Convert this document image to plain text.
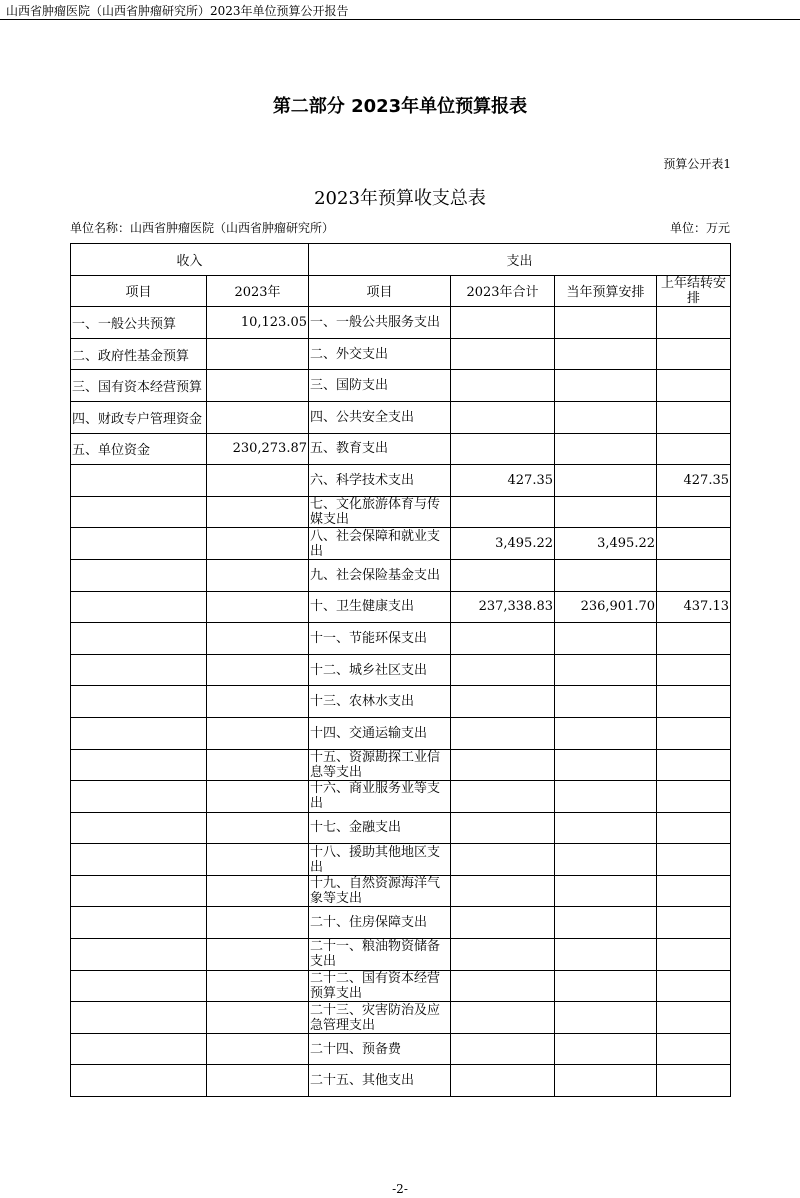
山西省肿瘤医院（山西省肿瘤研究所）2023年单位预算公开报告
第二部分 2023年单位预算报表
预算公开表1
2023年预算收支总表
单位名称：山西省肿瘤医院（山西省肿瘤研究所）	单位：万元
收入		支出			
项目	2023年	项目	2023年合计	当年预算安排	上年结转安排
一、一般公共预算	10,123.05	一、一般公共服务支出			
二、政府性基金预算		二、外交支出			
三、国有资本经营预算		三、国防支出			
四、财政专户管理资金		四、公共安全支出			
五、单位资金	230,273.87	五、教育支出			
		六、科学技术支出	427.35		427.35
		七、文化旅游体育与传媒支出			
		八、社会保障和就业支出	3,495.22	3,495.22	
		九、社会保险基金支出			
		十、卫生健康支出	237,338.83	236,901.70	437.13
		十一、节能环保支出			
		十二、城乡社区支出			
		十三、农林水支出			
		十四、交通运输支出			
		十五、资源勘探工业信息等支出			
		十六、商业服务业等支出			
		十七、金融支出			
		十八、援助其他地区支出			
		十九、自然资源海洋气象等支出			
		二十、住房保障支出			
		二十一、粮油物资储备支出			
		二十二、国有资本经营预算支出			
		二十三、灾害防治及应急管理支出			
		二十四、预备费			
		二十五、其他支出			
-2-
